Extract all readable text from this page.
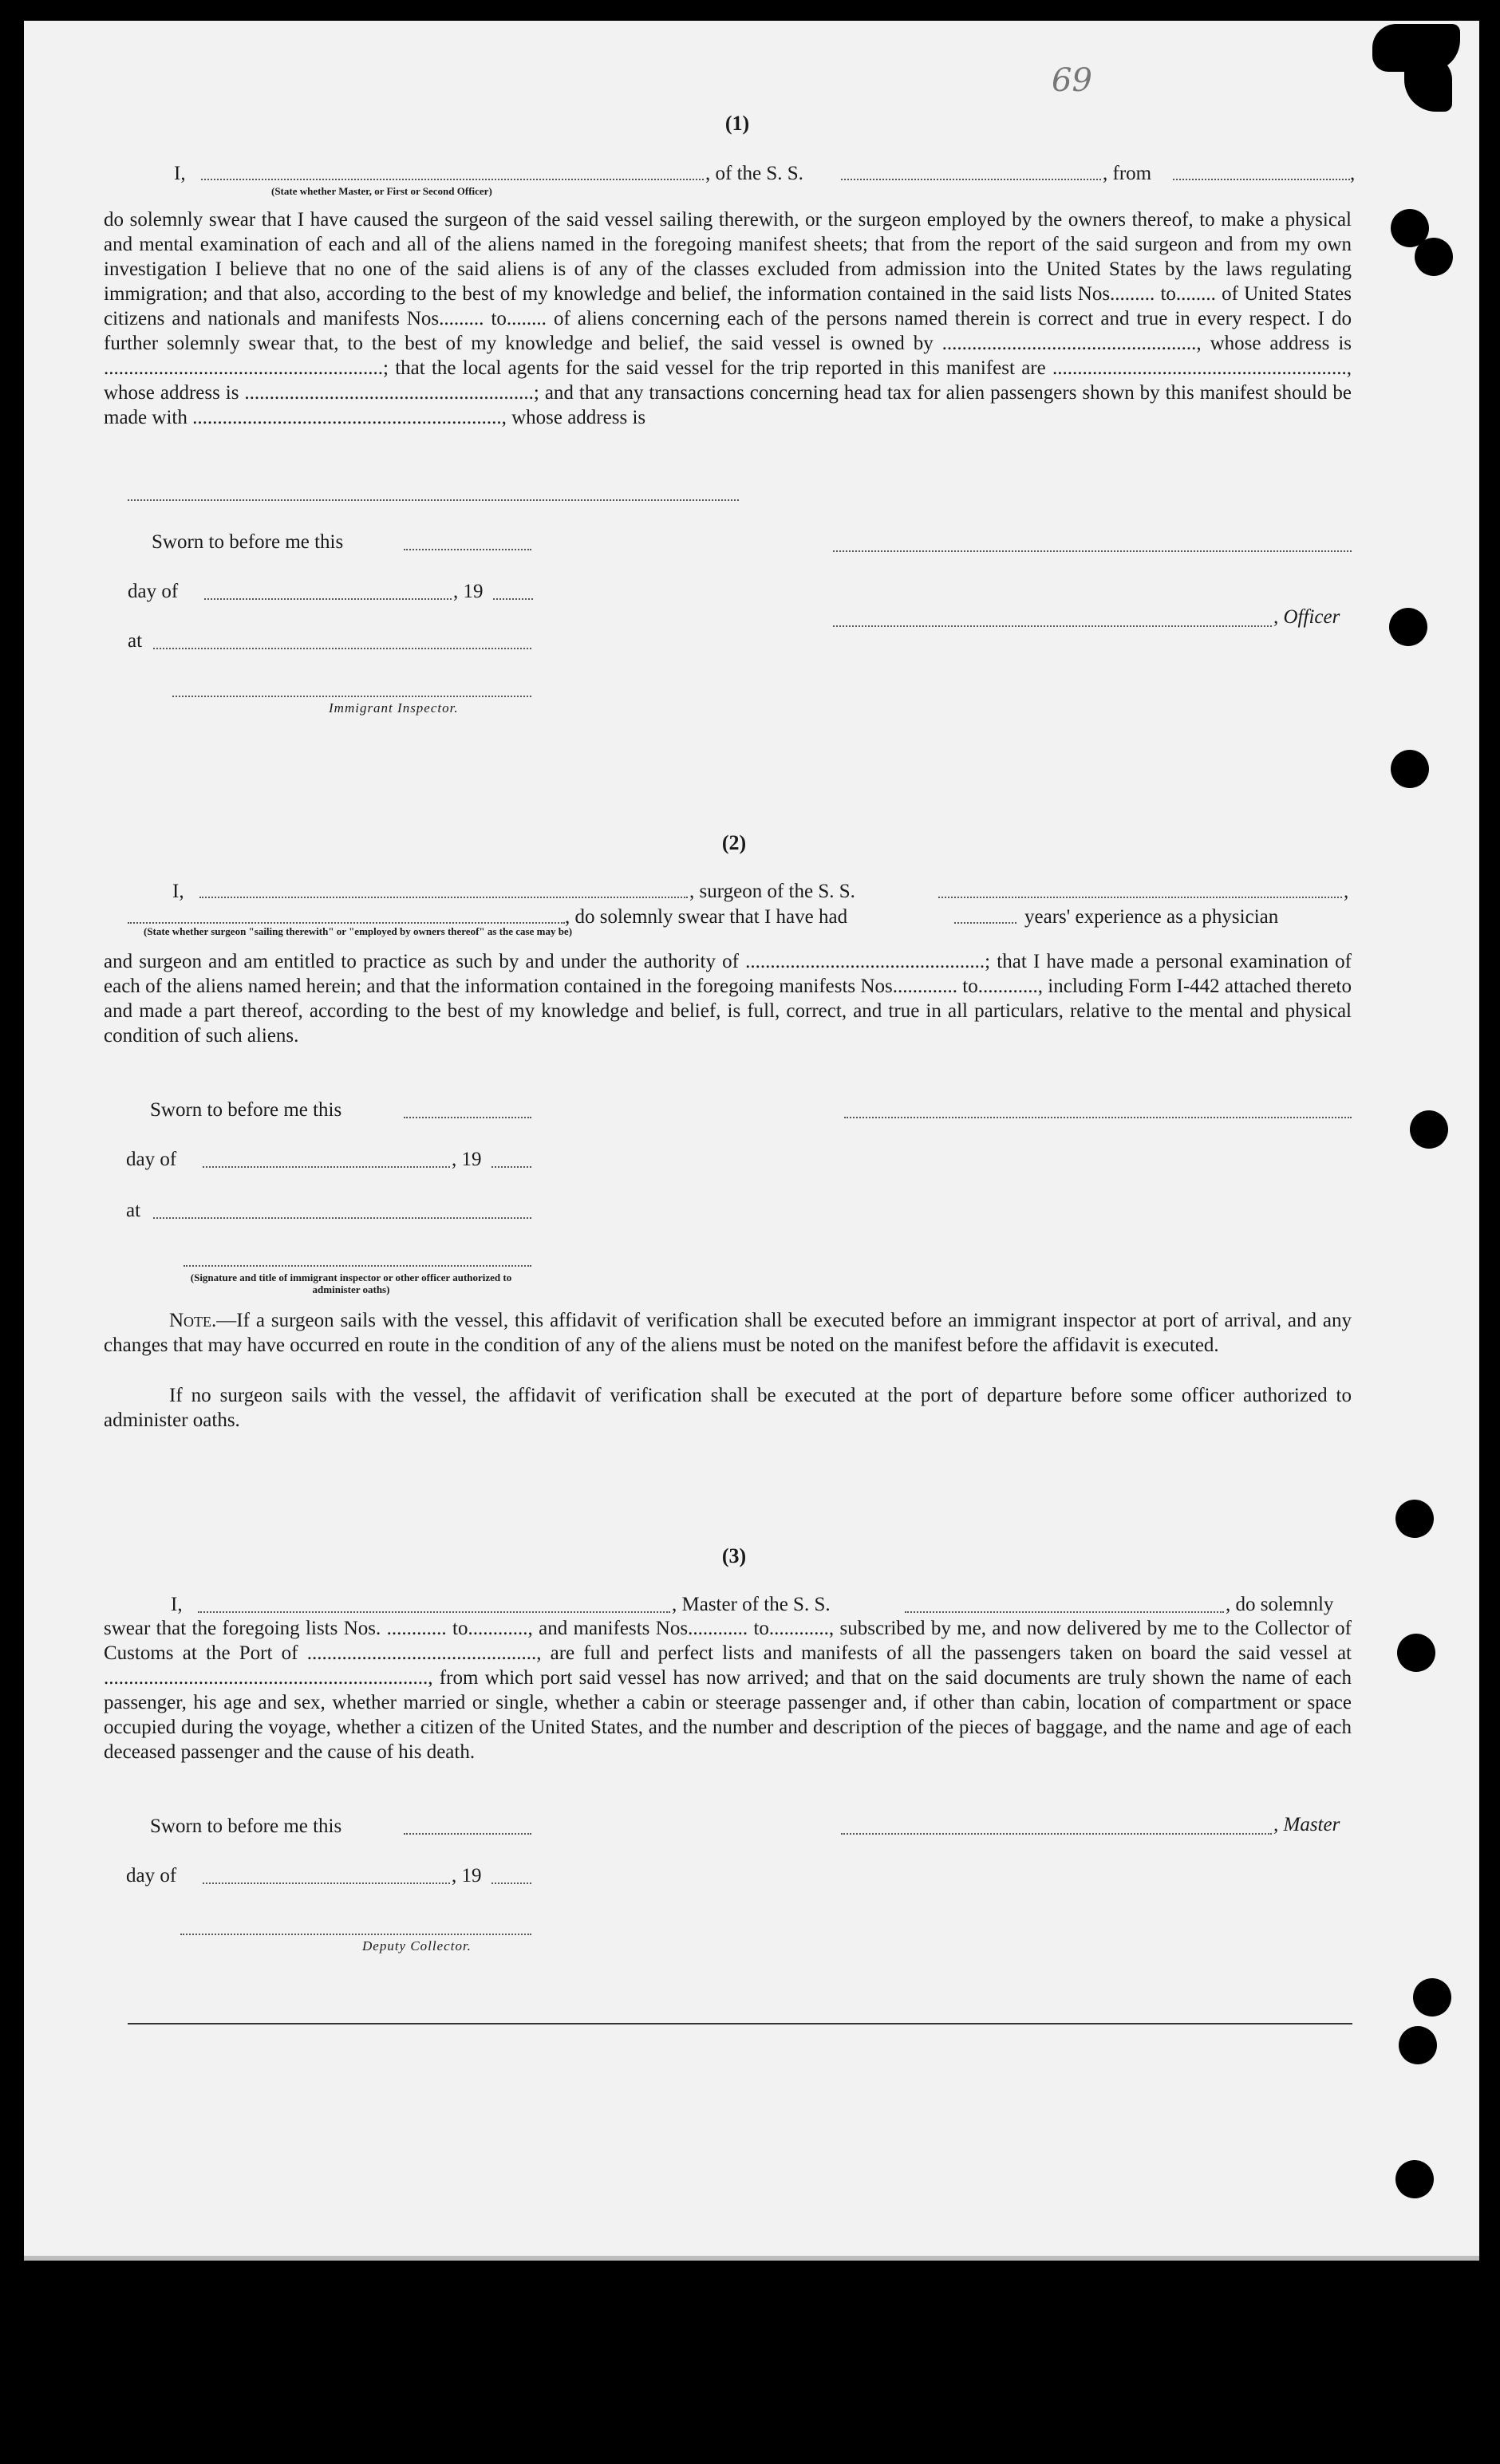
69
(1)
I,	, of the S. S.	, from	,
(State whether Master, or First or Second Officer)
do solemnly swear that I have caused the surgeon of the said vessel sailing therewith, or the surgeon employed by the owners thereof, to make a physical and mental examination of each and all of the aliens named in the foregoing manifest sheets; that from the report of the said surgeon and from my own investigation I believe that no one of the said aliens is of any of the classes excluded from admission into the United States by the laws regulating immigration; and that also, according to the best of my knowledge and belief, the information contained in the said lists Nos......... to........ of United States citizens and nationals and manifests Nos......... to........ of aliens concerning each of the persons named therein is correct and true in every respect. I do further solemnly swear that, to the best of my knowledge and belief, the said vessel is owned by ..................................................., whose address is ........................................................; that the local agents for the said vessel for the trip reported in this manifest are ..........................................................., whose address is ..........................................................; and that any transactions concerning head tax for alien passengers shown by this manifest should be made with .............................................................., whose address is
Sworn to before me this
day of	, 19
, Officer
at
Immigrant Inspector.
(2)
I,	, surgeon of the S. S.	,
, do solemnly swear that I have had	years' experience as a physician
(State whether surgeon "sailing therewith" or "employed by owners thereof" as the case may be)
and surgeon and am entitled to practice as such by and under the authority of ................................................; that I have made a personal examination of each of the aliens named herein; and that the information contained in the foregoing manifests Nos............. to............, including Form I-442 attached thereto and made a part thereof, according to the best of my knowledge and belief, is full, correct, and true in all particulars, relative to the mental and physical condition of such aliens.
Sworn to before me this
day of	, 19
at
(Signature and title of immigrant inspector or other officer authorized to administer oaths)
Note.—If a surgeon sails with the vessel, this affidavit of verification shall be executed before an immigrant inspector at port of arrival, and any changes that may have occurred en route in the condition of any of the aliens must be noted on the manifest before the affidavit is executed.
If no surgeon sails with the vessel, the affidavit of verification shall be executed at the port of departure before some officer authorized to administer oaths.
(3)
I,	, Master of the S. S.	, do solemnly
swear that the foregoing lists Nos. ............ to............, and manifests Nos............ to............, subscribed by me, and now delivered by me to the Collector of Customs at the Port of .............................................., are full and perfect lists and manifests of all the passengers taken on board the said vessel at ................................................................., from which port said vessel has now arrived; and that on the said documents are truly shown the name of each passenger, his age and sex, whether married or single, whether a cabin or steerage passenger and, if other than cabin, location of compartment or space occupied during the voyage, whether a citizen of the United States, and the number and description of the pieces of baggage, and the name and age of each deceased passenger and the cause of his death.
Sworn to before me this	, Master
day of	, 19
Deputy Collector.
